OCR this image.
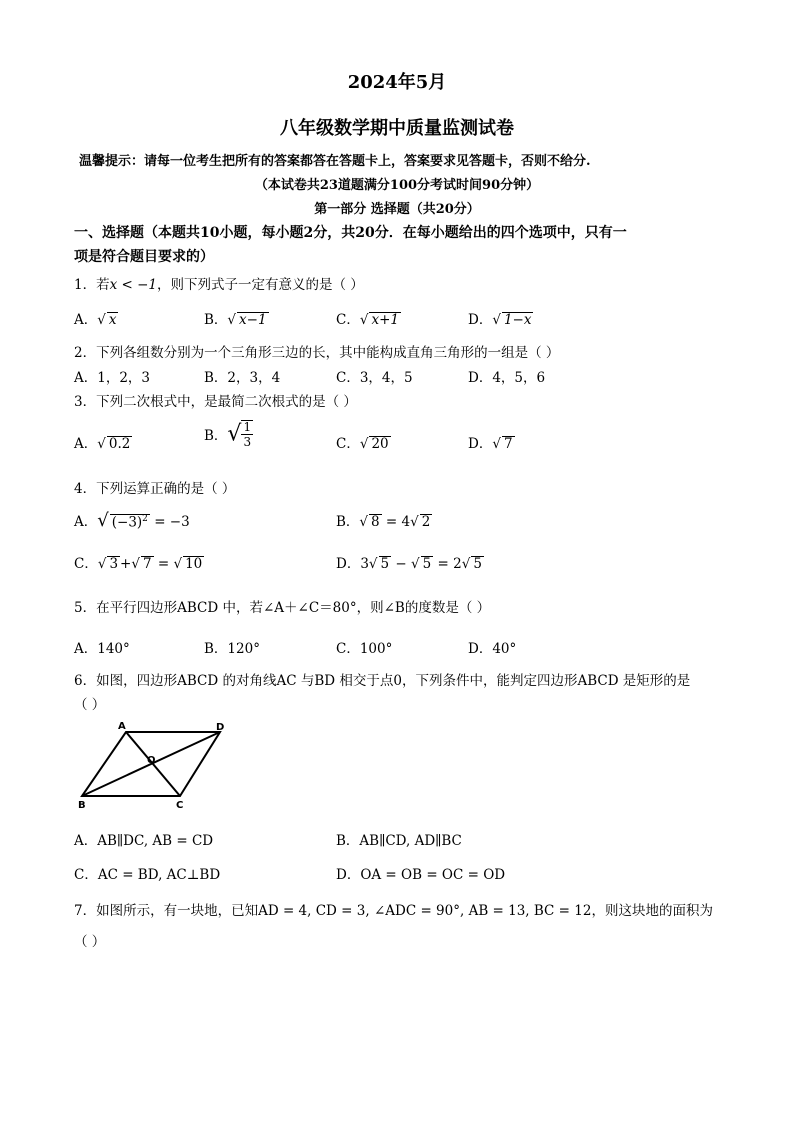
2024年5月
八年级数学期中质量监测试卷
温馨提示：请每一位考生把所有的答案都答在答题卡上，答案要求见答题卡，否则不给分.
（本试卷共23道题满分100分考试时间90分钟）
第一部分 选择题（共20分）
一、选择题（本题共10小题，每小题2分，共20分．在每小题给出的四个选项中，只有一
项是符合题目要求的）
1．若x < −1，则下列式子一定有意义的是（ ）
A．√ x	B．√ x−1	C．√ x+1	D．√ 1−x
2．下列各组数分别为一个三角形三边的长，其中能构成直角三角形的一组是（ ）
A．1，2，3	B．2，3，4	C．3，4，5	D．4，5，6
3．下列二次根式中，是最简二次根式的是（ ）
A．√ 0.2	B．√ $\frac{1}{3}$	C．√ 20	D．√ 7
4．下列运算正确的是（ ）
A．√ $(-3)^2 = -3$	B．√ 8 = 4√ 2
C．√ 3 +√ 7 = √ 10	D．3√ 5 − √ 5 = 2√ 5
5．在平行四边形ABCD 中，若∠A＋∠C＝80°，则∠B的度数是（ ）
A．140°	B．120°	C．100°	D．40°
6．如图，四边形ABCD 的对角线AC 与BD 相交于点0，下列条件中，能判定四边形ABCD 是矩形的是
（ ）
A	D
O
B	C
A．AB∥DC, AB = CD	B．AB∥CD, AD∥BC
C．AC = BD, AC⊥BD	D．OA = OB = OC = OD
7．如图所示，有一块地，已知AD = 4, CD = 3, ∠ADC = 90°, AB = 13, BC = 12，则这块地的面积为
（ ）
